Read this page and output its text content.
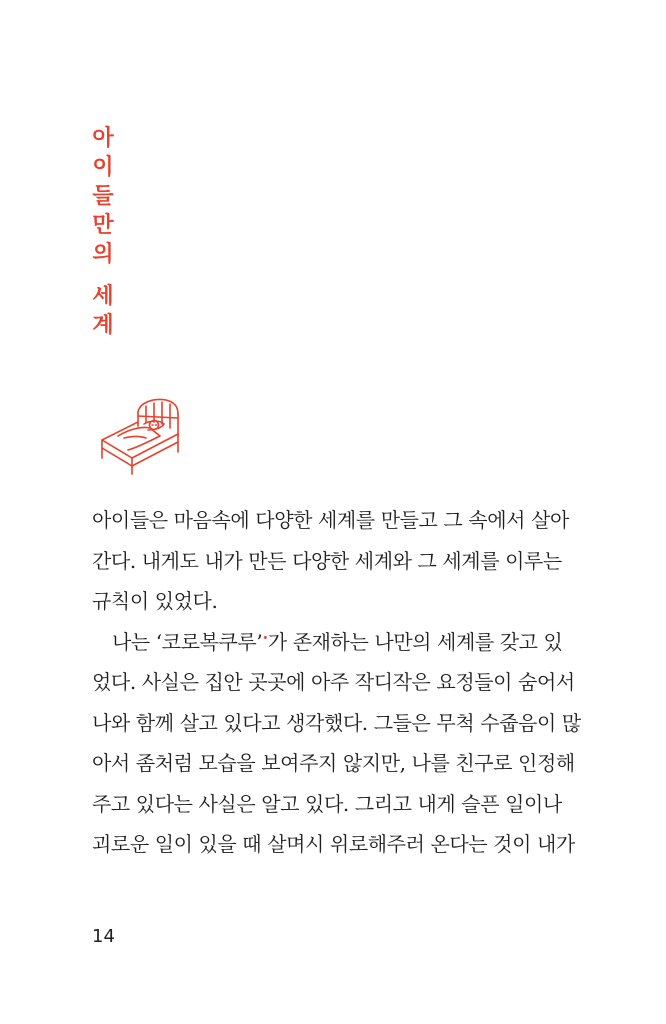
아
이
들
만
의
세
계

아이들은 마음속에 다양한 세계를 만들고 그 속에서 살아
간다. 내게도 내가 만든 다양한 세계와 그 세계를 이루는
규칙이 있었다.

나는 ‘코로복쿠루’•가 존재하는 나만의 세계를 갖고 있
었다. 사실은 집안 곳곳에 아주 작디작은 요정들이 숨어서
나와 함께 살고 있다고 생각했다. 그들은 무척 수줍음이 많
아서 좀처럼 모습을 보여주지 않지만, 나를 친구로 인정해
주고 있다는 사실은 알고 있다. 그리고 내게 슬픈 일이나
괴로운 일이 있을 때 살며시 위로해주러 온다는 것이 내가

14
